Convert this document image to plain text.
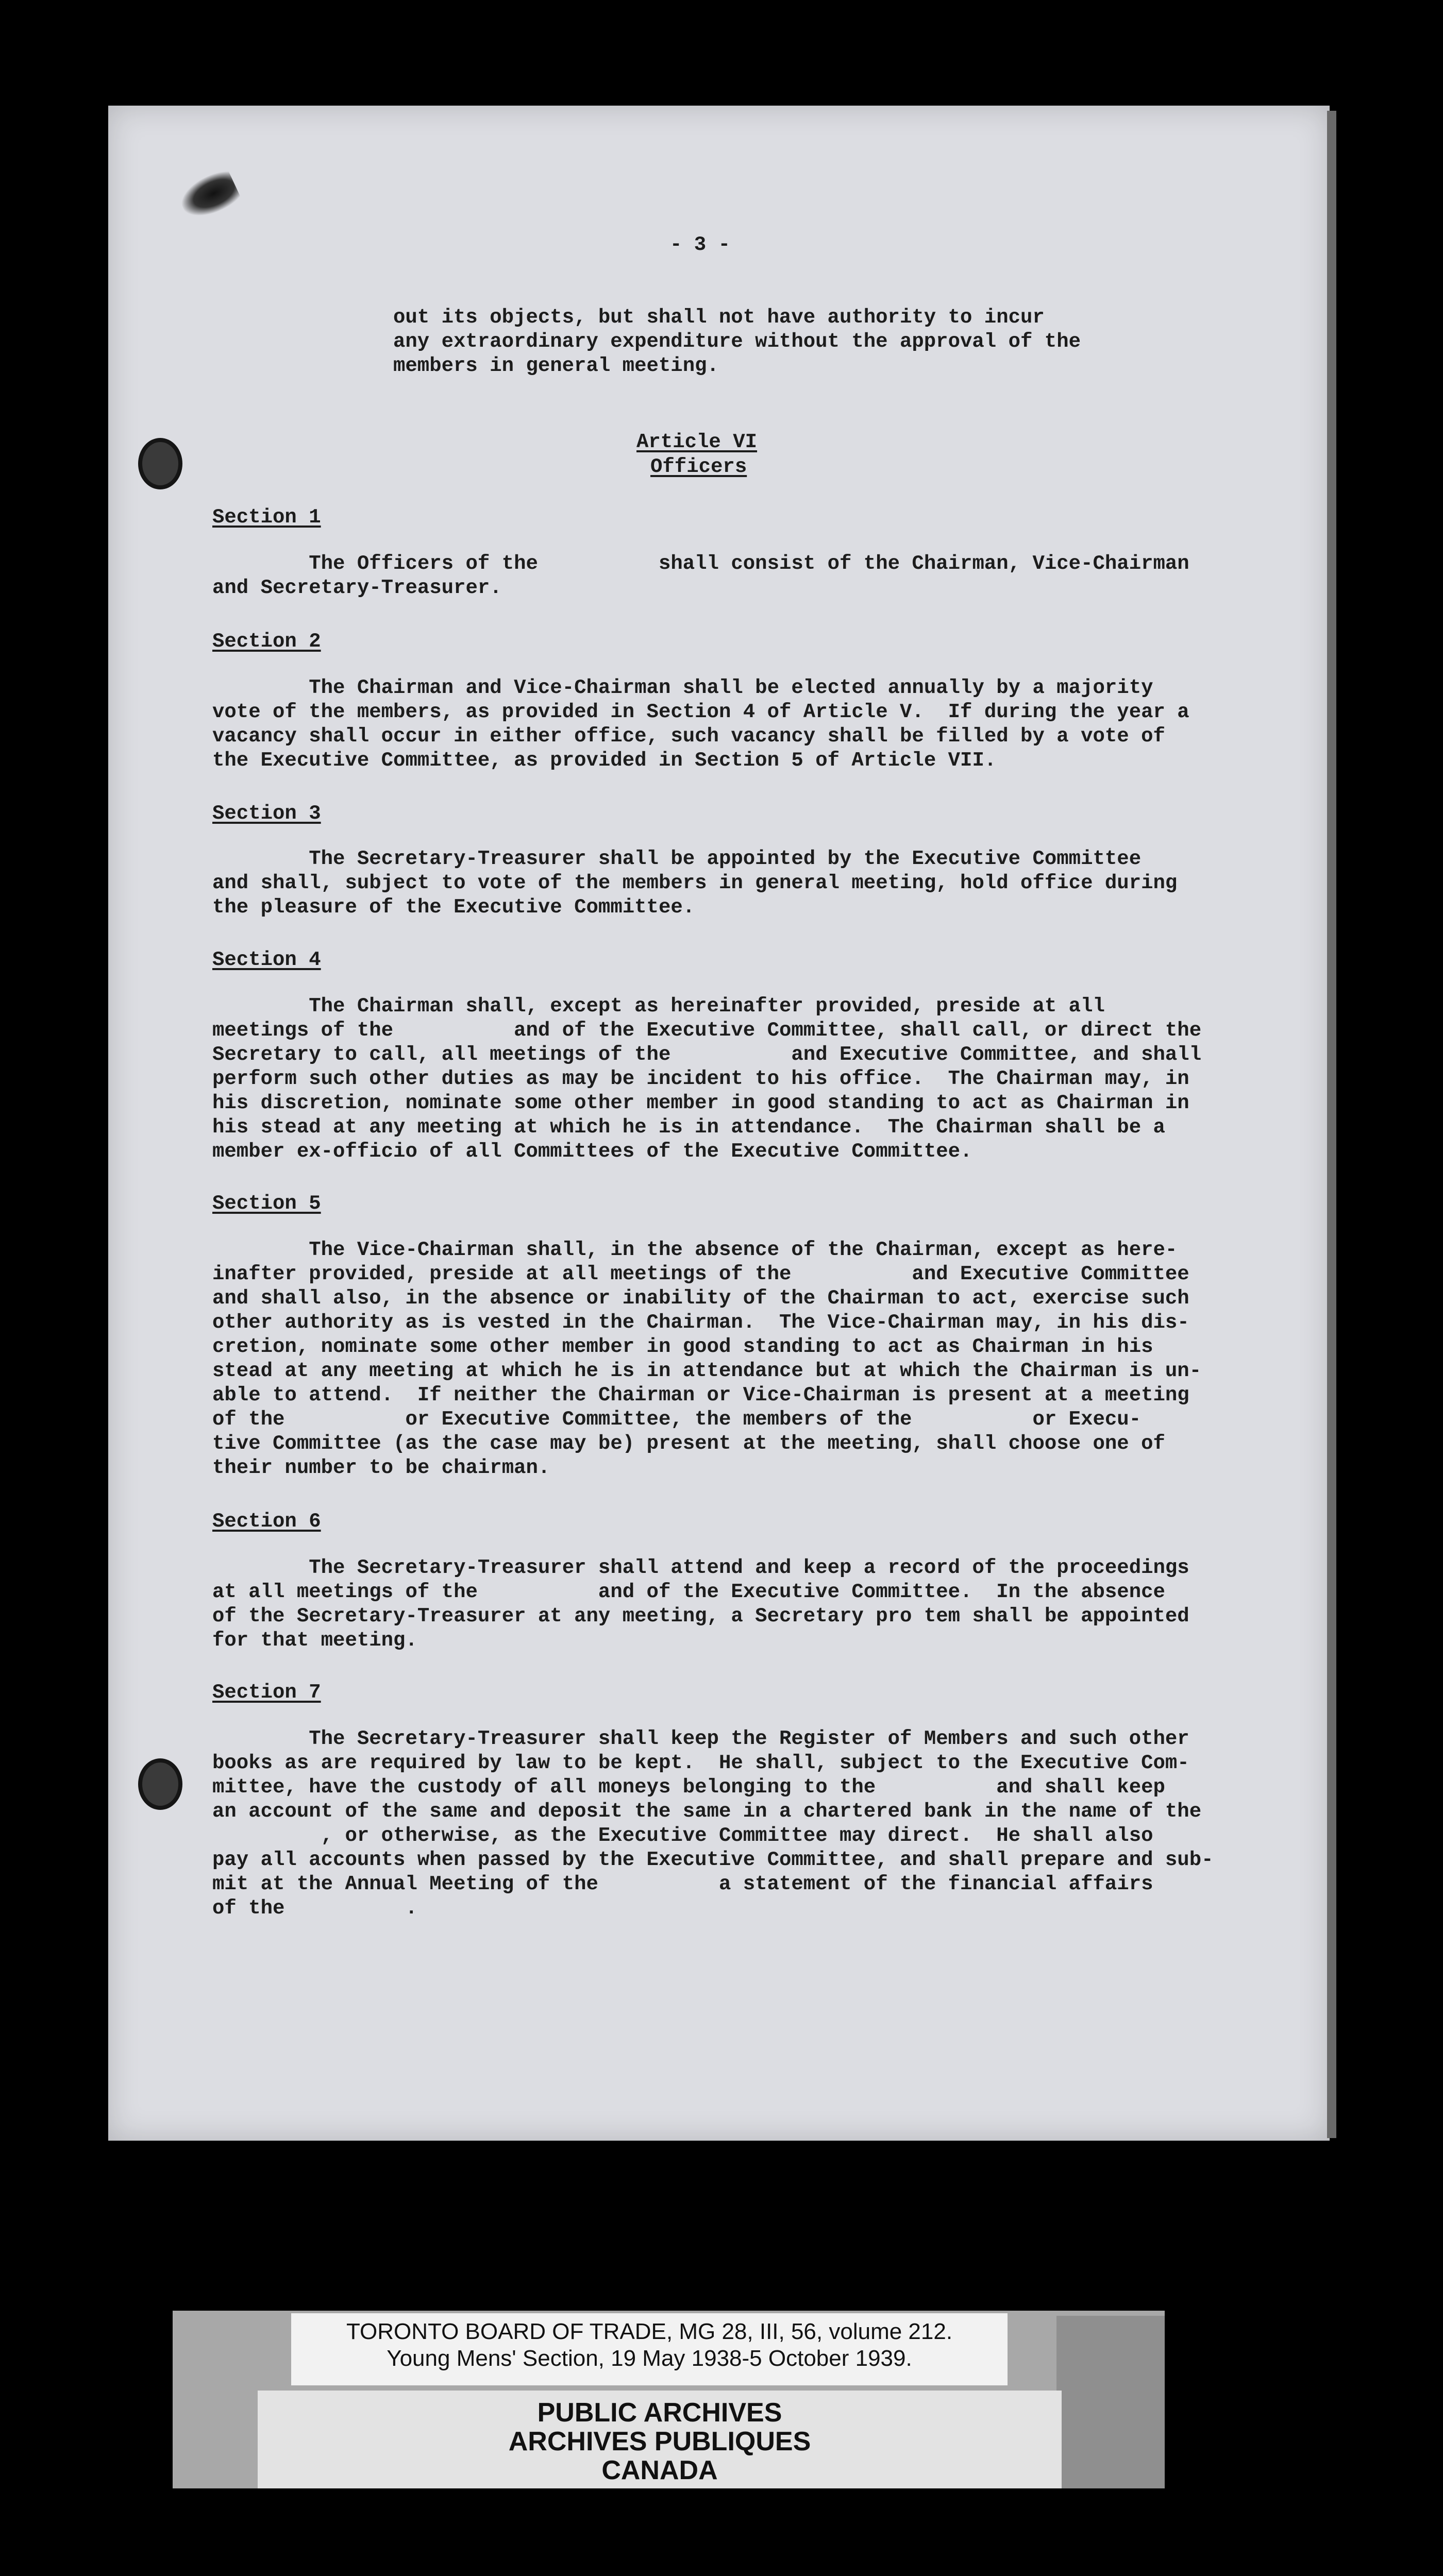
- 3 -
out its objects, but shall not have authority to incur
any extraordinary expenditure without the approval of the
members in general meeting.
Article VI
Officers
Section 1
The Officers of the          shall consist of the Chairman, Vice-Chairman
and Secretary-Treasurer.
Section 2
The Chairman and Vice-Chairman shall be elected annually by a majority
vote of the members, as provided in Section 4 of Article V.  If during the year a
vacancy shall occur in either office, such vacancy shall be filled by a vote of
the Executive Committee, as provided in Section 5 of Article VII.
Section 3
The Secretary-Treasurer shall be appointed by the Executive Committee
and shall, subject to vote of the members in general meeting, hold office during
the pleasure of the Executive Committee.
Section 4
The Chairman shall, except as hereinafter provided, preside at all
meetings of the          and of the Executive Committee, shall call, or direct the
Secretary to call, all meetings of the          and Executive Committee, and shall
perform such other duties as may be incident to his office.  The Chairman may, in
his discretion, nominate some other member in good standing to act as Chairman in
his stead at any meeting at which he is in attendance.  The Chairman shall be a
member ex-officio of all Committees of the Executive Committee.
Section 5
The Vice-Chairman shall, in the absence of the Chairman, except as here-
inafter provided, preside at all meetings of the          and Executive Committee
and shall also, in the absence or inability of the Chairman to act, exercise such
other authority as is vested in the Chairman.  The Vice-Chairman may, in his dis-
cretion, nominate some other member in good standing to act as Chairman in his
stead at any meeting at which he is in attendance but at which the Chairman is un-
able to attend.  If neither the Chairman or Vice-Chairman is present at a meeting
of the          or Executive Committee, the members of the          or Execu-
tive Committee (as the case may be) present at the meeting, shall choose one of
their number to be chairman.
Section 6
The Secretary-Treasurer shall attend and keep a record of the proceedings
at all meetings of the          and of the Executive Committee.  In the absence
of the Secretary-Treasurer at any meeting, a Secretary pro tem shall be appointed
for that meeting.
Section 7
The Secretary-Treasurer shall keep the Register of Members and such other
books as are required by law to be kept.  He shall, subject to the Executive Com-
mittee, have the custody of all moneys belonging to the          and shall keep
an account of the same and deposit the same in a chartered bank in the name of the
, or otherwise, as the Executive Committee may direct.  He shall also
pay all accounts when passed by the Executive Committee, and shall prepare and sub-
mit at the Annual Meeting of the          a statement of the financial affairs
of the          .
TORONTO BOARD OF TRADE, MG 28, III, 56, volume 212.
Young Mens' Section, 19 May 1938-5 October 1939.
PUBLIC ARCHIVES
ARCHIVES PUBLIQUES
CANADA
